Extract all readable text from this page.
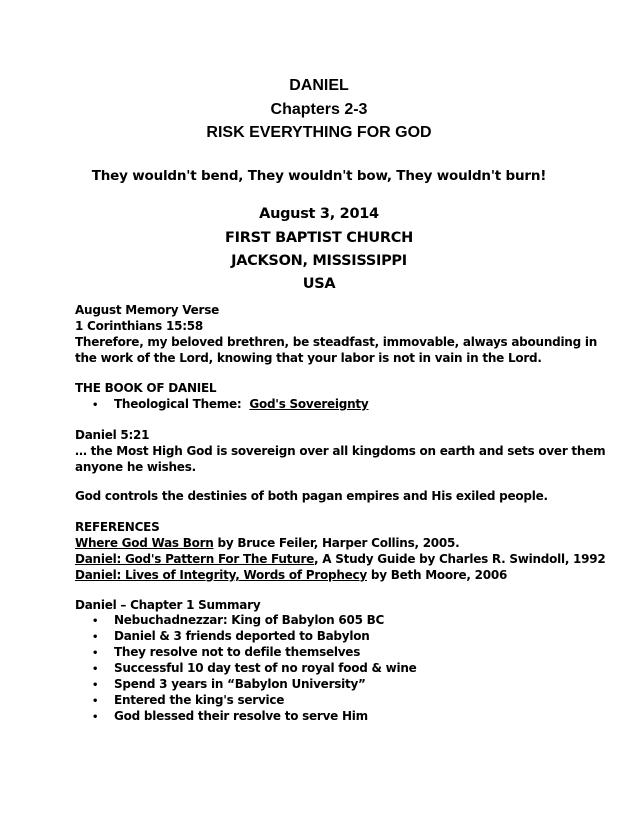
DANIEL
Chapters 2-3
RISK EVERYTHING FOR GOD
They wouldn't bend, They wouldn't bow, They wouldn't burn!
August 3, 2014
FIRST BAPTIST CHURCH
JACKSON, MISSISSIPPI
USA
August Memory Verse
1 Corinthians 15:58
Therefore, my beloved brethren, be steadfast, immovable, always abounding in
the work of the Lord, knowing that your labor is not in vain in the Lord.
THE BOOK OF DANIEL
• Theological Theme: God's Sovereignty
Daniel 5:21
… the Most High God is sovereign over all kingdoms on earth and sets over them
anyone he wishes.
God controls the destinies of both pagan empires and His exiled people.
REFERENCES
Where God Was Born by Bruce Feiler, Harper Collins, 2005.
Daniel: God's Pattern For The Future, A Study Guide by Charles R. Swindoll, 1992
Daniel: Lives of Integrity, Words of Prophecy by Beth Moore, 2006
Daniel – Chapter 1 Summary
• Nebuchadnezzar: King of Babylon 605 BC
• Daniel & 3 friends deported to Babylon
• They resolve not to defile themselves
• Successful 10 day test of no royal food & wine
• Spend 3 years in “Babylon University”
• Entered the king's service
• God blessed their resolve to serve Him
